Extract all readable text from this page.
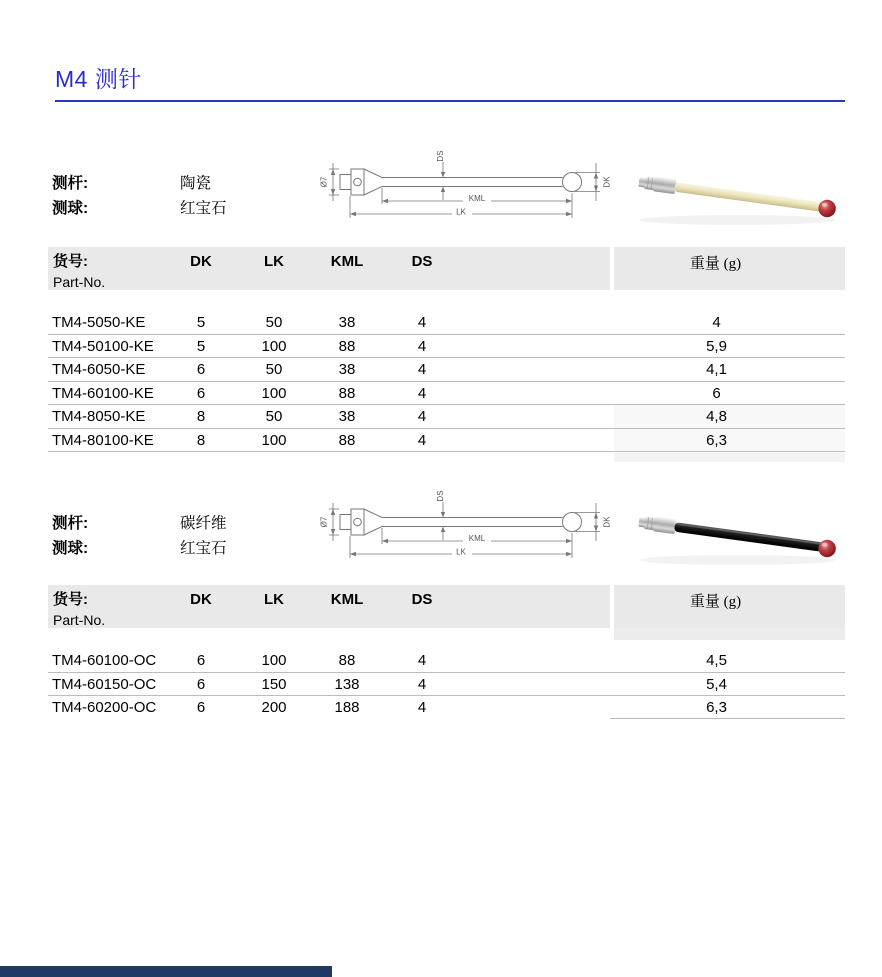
M4 测针
测杆:	陶瓷
测球:	红宝石
Ø7
DS
DK
KML
LK
货号:
Part-No.
DK	LK	KML	DS	重量 (g)
TM4-5050-KE	5	50	38	4	4
TM4-50100-KE	5	100	88	4	5,9
TM4-6050-KE	6	50	38	4	4,1
TM4-60100-KE	6	100	88	4	6
TM4-8050-KE	8	50	38	4	4,8
TM4-80100-KE	8	100	88	4	6,3
测杆:	碳纤维
测球:	红宝石
Ø7
DS
DK
KML
LK
货号:
Part-No.
DK	LK	KML	DS	重量 (g)
TM4-60100-OC	6	100	88	4	4,5
TM4-60150-OC	6	150	138	4	5,4
TM4-60200-OC	6	200	188	4	6,3
